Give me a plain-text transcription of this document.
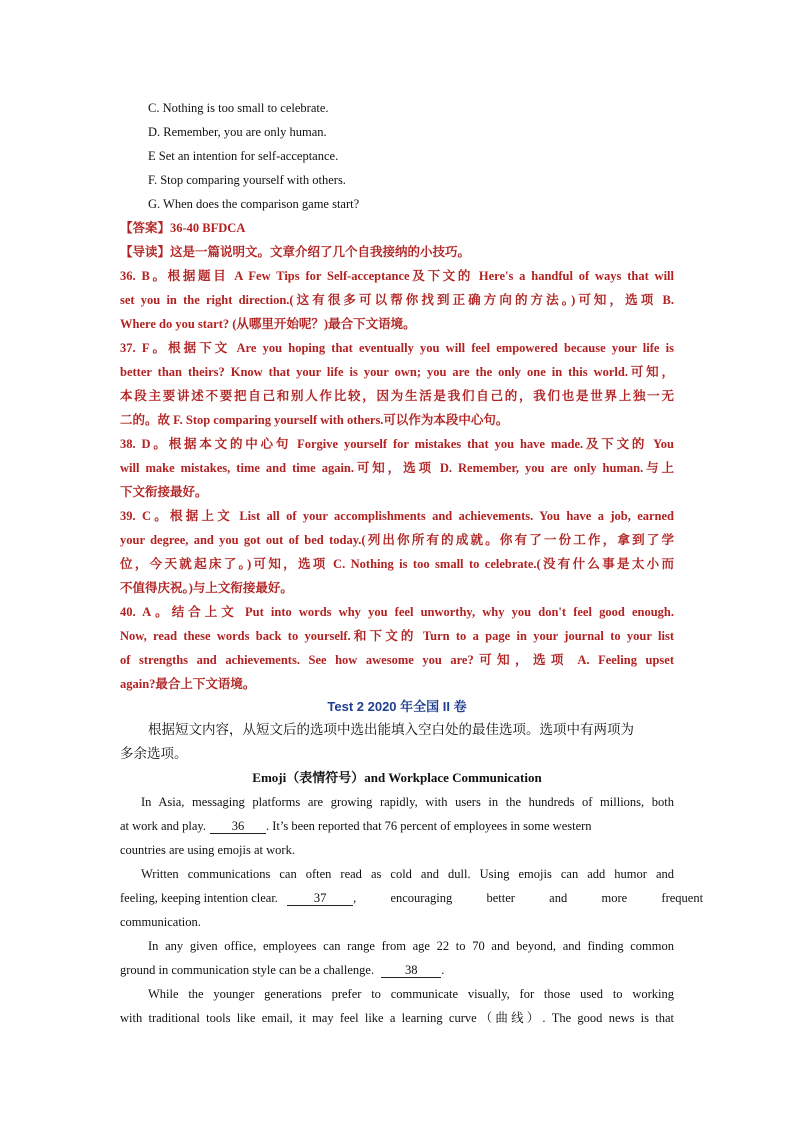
C. Nothing is too small to celebrate.
D. Remember, you are only human.
E Set an intention for self-acceptance.
F. Stop comparing yourself with others.
G. When does the comparison game start?
【答案】36-40 BFDCA
【导读】这是一篇说明文。文章介绍了几个自我接纳的小技巧。
36. B。根据题目 A Few Tips for Self-acceptance及下文的 Here's a handful of ways that will
set you in the right direction.(这有很多可以帮你找到正确方向的方法。)可知，选项 B.
Where do you start? (从哪里开始呢？)最合下文语境。
37. F。根据下文 Are you hoping that eventually you will feel empowered because your life is
better than theirs? Know that your life is your own; you are the only one in this world.可知，
本段主要讲述不要把自己和别人作比较，因为生活是我们自己的，我们也是世界上独一无
二的。故 F. Stop comparing yourself with others.可以作为本段中心句。
38. D。根据本文的中心句 Forgive yourself for mistakes that you have made.及下文的 You
will make mistakes, time and time again.可知，选项 D. Remember, you are only human.与上
下文衔接最好。
39. C。根据上文 List all of your accomplishments and achievements. You have a job, earned
your degree, and you got out of bed today.(列出你所有的成就。你有了一份工作，拿到了学
位，今天就起床了。)可知，选项 C. Nothing is too small to celebrate.(没有什么事是太小而
不值得庆祝。)与上文衔接最好。
40. A。结合上文 Put into words why you feel unworthy, why you don't feel good enough.
Now, read these words back to yourself.和下文的 Turn to a page in your journal to your list
of strengths and achievements. See how awesome you are?可知，选项 A. Feeling upset
again?最合上下文语境。
Test 2 2020 年全国 II 卷
根据短文内容，从短文后的选项中选出能填入空白处的最佳选项。选项中有两项为
多余选项。
Emoji（表情符号）and Workplace Communication
In Asia, messaging platforms are growing rapidly, with users in the hundreds of millions, both
at work and play. 36 . It’s been reported that 76 percent of employees in some western
countries are using emojis at work.
Written communications can often read as cold and dull. Using emojis can add humor and
feeling, keeping intention clear.	37 ,  encouraging  better  and  more  frequent
communication.
In any given office, employees can range from age 22 to 70 and beyond, and finding common
ground in communication style can be a challenge. 38 .
While the younger generations prefer to communicate visually, for those used to working
with traditional tools like email, it may feel like a learning curve（曲线）. The good news is that
